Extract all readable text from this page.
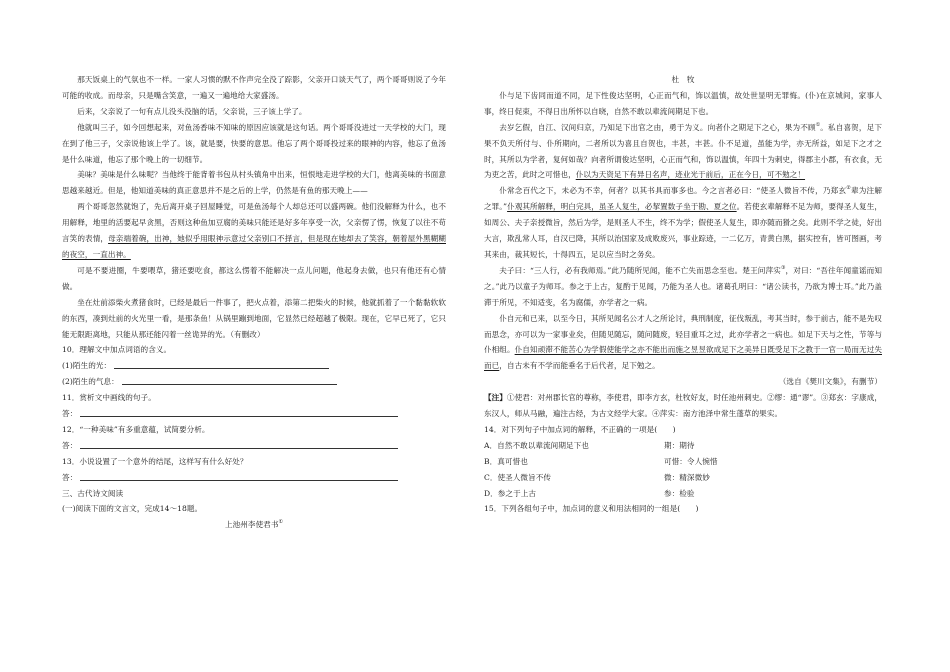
那天饭桌上的气氛也不一样。一家人习惯的默不作声完全没了踪影，父亲开口谈天气了，两个哥哥则说了今年可能的收成。而母亲，只是嘴含笑意，一遍又一遍地给大家盛汤。

后来，父亲说了一句有点儿没头没脑的话，父亲说，三子该上学了。

他就叫三子，如今回想起来，对鱼汤香味不知味的原因应该就是这句话。两个哥哥没进过一天学校的大门，现在到了他三子，父亲说他该上学了。该，就是要，快要的意思。他忘了两个哥哥投过来的眼神的内容，他忘了鱼汤是什么味道，他忘了那个晚上的一切细节。

美味？美味是什么味呢？当他终于能背着书包从村头镇角中出来，恒恨地走进学校的大门，他离美味的书面意思越来越近。但是，他知道美味的真正意思并不是之后的上学，仍然是有鱼的那天晚上——

两个哥哥忽然就饱了，先后离开桌子回屋睡觉，可是鱼汤每个人却总还可以盛两碗。他们没解释为什么，也不用解释，地里的活要起早贪黑，否则这种鱼加豆腐的美味只能还是好多年享受一次，父亲愣了愣，恢复了以往不苟言笑的表情，母亲端着碗，出神，她似乎用眼神示意过父亲别口不择言，但是现在她却去了笑容，朝着屋外黑糊糊的夜空，一直出神。

可是不要进圈，牛要喂草，猪还要吃食，都这么愣着不能解决一点儿问题，他起身去做，也只有他还有心情做。

坐在灶前添柴火煮猪食时，已经是最后一件事了，把火点着，添第二把柴火的时候，他就抓着了一个黏黏软软的东西，凑到灶前的火光里一看，是那条鱼！从锅里蹦到地面，它显然已经超越了极限。现在，它早已死了，它只能无限距离地，只能从那还能闪着一丝诡异的光。（有删改）

10．理解文中加点词语的含义。

(1)陌生的光：

(2)陌生的气息：

11．赏析文中画线的句子。

答：

12．“一种美味”有多重意蕴，试简要分析。

答：

13．小说设置了一个意外的结尾，这样写有什么好处？

答：

三、古代诗文阅读

(一)阅读下面的文言文，完成14～18题。

上池州李使君书①

杜　牧

仆与足下齿同而道不同，足下性俊达坚明，心正而气和，饰以温慎，故处世显明无罪悔。(仆)在京城间，家事人事，终日促束，不得日出所怀以自晓，自然不敢以辈流间期足下也。

去岁乞假，自江、汉间归京，乃知足下出官之由，勇于为义。向者仆之期足下之心，果为不顾①。私自喜贺，足下果不负天所付与、仆所期向，二者所以为喜且自贺也，丰甚，丰甚。仆不足道，虽能为学，亦无所益，如足下之才之时，其所以为学者，复何如哉？向者所谓俊达坚明，心正而气和，饰以温慎，年四十为刺史，得郡主小郡，有衣食，无为吏之苦，此时之可惜也，仆以为天资足下有异日名声，迹业光于前后，正在今日，可不勉之！

仆常念百代之下，未必为不幸，何者？以其书具而事多也。今之言者必曰：“使圣人微旨不传，乃郑玄②辈为注解之罪。”仆观其所解释，明白完具，虽圣人复生，必挈置数子坐于勘、夏之位。若使玄辈解释不足为师，要得圣人复生，如周公、夫子亲授微旨，然后为学，是则圣人不生，终不为学；假使圣人复生，即亦随而猾之矣。此则不学之徒，好出大言，欺乱常人耳，自汉已降，其所以治国家及成败废兴，事业踪迹，一二亿万，青黄白黑，据实控有，皆可图画，考其来由，裁其短长，十得四五，足以应当时之务矣。

夫子曰：“三人行，必有我师焉。”此乃随所见闻，能不亡失而思念至也。楚王问萍实③，对曰：“吾往年闻童谣而知之。”此乃以童子为师耳。参之于上古，复酌于见闻，乃能为圣人也。诸葛孔明曰：“诸公读书，乃欲为博士耳。”此乃盖滞于所见，不知适变，名为腐儒，亦学者之一病。

仆自元和已来，以至今日，其所见闻名公才人之所论讨，典刑制度，征伐叛乱，考其当时，参于前古，能不是先叹而思念，亦可以为一家事业矣，但随见随忘，随问随废，轻目重耳之过，此亦学者之一病也。如足下天与之性，节等与仆相组。仆自知顽滞不能苦心为学假使能学之亦不能出而施之昱昱欲成足下之美异日既受足下之教于一官一局而无过失而已，自古未有不学而能垂名于后代者，足下勉之。

（选自《樊川文集》，有删节）

【注】①使君：对州郡长官的尊称，李使君，即李方玄，杜牧好友，时任池州刺史。②缪：通“谬”。③郑玄：字康成，东汉人，师从马融，遍注古经，为古文经学大家。④萍实：南方池泽中常生蓬草的果实。

14．对下列句子中加点词的解释，不正确的一项是(　　)

A．自然不敢以辈流间期足下也	期：期待
B．真可惜也	可惜：令人惋惜
C．使圣人微旨不传	微：精深微妙
D．参之于上古	参：检验

15．下列各组句子中，加点词的意义和用法相同的一组是(　　)
